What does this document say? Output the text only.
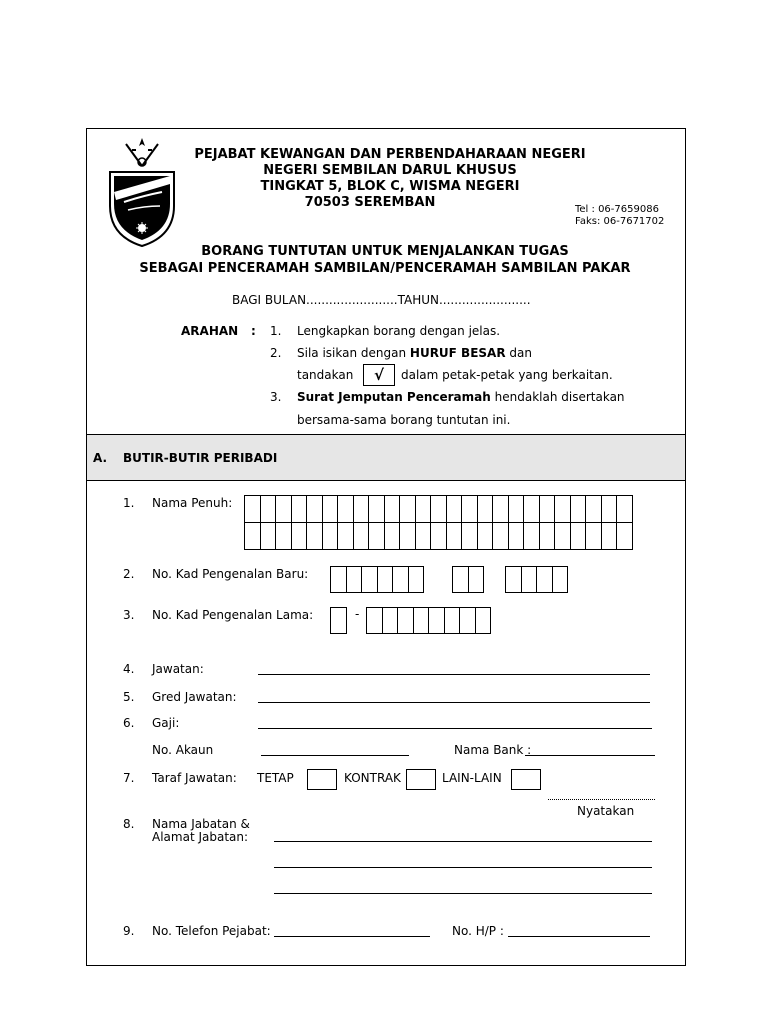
PEJABAT KEWANGAN DAN PERBENDAHARAAN NEGERI
NEGERI SEMBILAN DARUL KHUSUS
TINGKAT 5, BLOK C, WISMA NEGERI
70503 SEREMBAN	Tel : 06-7659086
Faks: 06-7671702
BORANG TUNTUTAN UNTUK MENJALANKAN TUGAS
SEBAGAI PENCERAMAH SAMBILAN/PENCERAMAH SAMBILAN PAKAR
BAGI BULAN........................TAHUN........................
ARAHAN : 1. Lengkapkan borang dengan jelas.
2. Sila isikan dengan HURUF BESAR dan
tandakan	√	dalam petak-petak yang berkaitan.
3. Surat Jemputan Penceramah hendaklah disertakan
bersama-sama borang tuntutan ini.
A. BUTIR-BUTIR PERIBADI
1. Nama Penuh:
2. No. Kad Pengenalan Baru:
3. No. Kad Pengenalan Lama:	-
4. Jawatan:
5. Gred Jawatan:
6. Gaji:
No. Akaun	Nama Bank :
7. Taraf Jawatan: TETAP	KONTRAK	LAIN-LAIN
Nyatakan
8. Nama Jabatan &
Alamat Jabatan:
9. No. Telefon Pejabat:	No. H/P :
